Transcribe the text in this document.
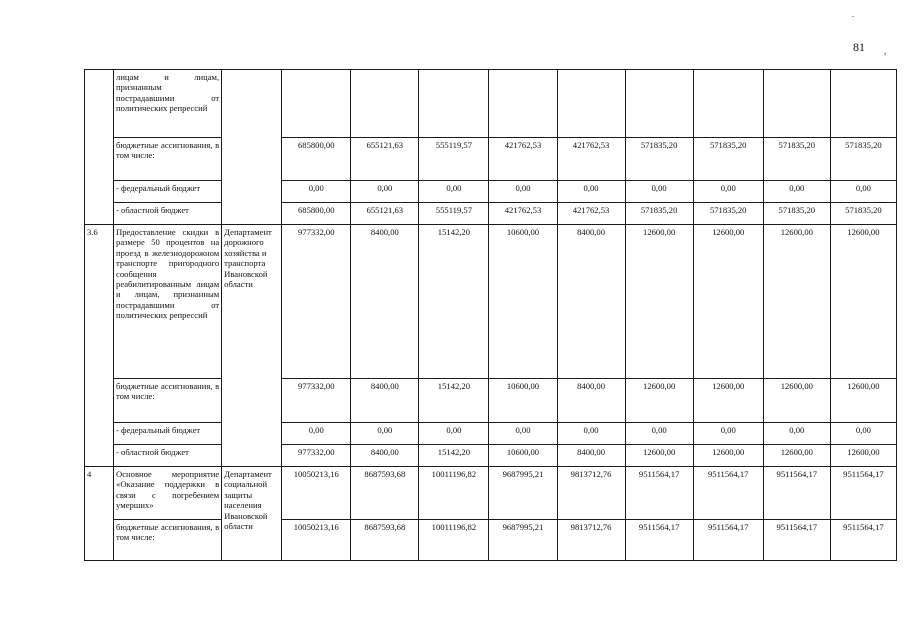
.
81 ,
	лицам и лицам, признанным пострадавшими от политических репрессий										
	бюджетные ассигнования, в том числе:		685800,00	655121,63	555119,57	421762,53	421762,53	571835,20	571835,20	571835,20	571835,20
	- федеральный бюджет		0,00	0,00	0,00	0,00	0,00	0,00	0,00	0,00	0,00
	- областной бюджет		685800,00	655121,63	555119,57	421762,53	421762,53	571835,20	571835,20	571835,20	571835,20
3.6	Предоставление скидки в размере 50 процентов на проезд в железнодорожном транспорте пригородного сообщения реабилитированным лицам и лицам, признанным пострадавшими от политических репрессий	Департамент дорожного хозяйства и транспорта Ивановской области	977332,00	8400,00	15142,20	10600,00	8400,00	12600,00	12600,00	12600,00	12600,00
	бюджетные ассигнования, в том числе:		977332,00	8400,00	15142,20	10600,00	8400,00	12600,00	12600,00	12600,00	12600,00
	- федеральный бюджет		0,00	0,00	0,00	0,00	0,00	0,00	0,00	0,00	0,00
	- областной бюджет		977332,00	8400,00	15142,20	10600,00	8400,00	12600,00	12600,00	12600,00	12600,00
4	Основное мероприятие «Оказание поддержки в связи с погребением умерших»	Департамент социальной защиты населения Ивановской области	10050213,16	8687593,68	10011196,82	9687995,21	9813712,76	9511564,17	9511564,17	9511564,17	9511564,17
	бюджетные ассигнования, в том числе:		10050213,16	8687593,68	10011196,82	9687995,21	9813712,76	9511564,17	9511564,17	9511564,17	9511564,17
